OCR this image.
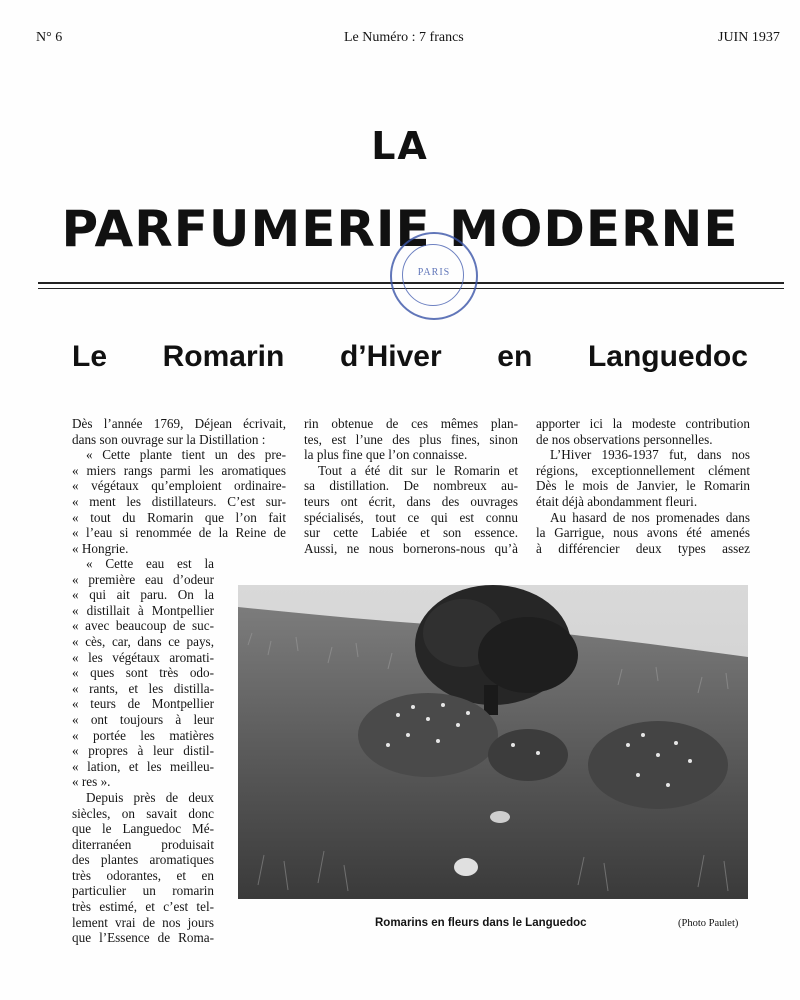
N° 6	Le Numéro : 7 francs	JUIN 1937
LA
PARFUMERIE MODERNE
PARIS
Le Romarin d’Hiver en Languedoc
Dès l’année 1769, Déjean écrivait,
dans son ouvrage sur la Distillation :
« Cette plante tient un des pre-
« miers rangs parmi les aromatiques
« végétaux qu’emploient ordinaire-
« ment les distillateurs. C’est sur-
« tout du Romarin que l’on fait
« l’eau si renommée de la Reine de
« Hongrie.
« Cette eau est la
« première eau d’odeur
« qui ait paru. On la
« distillait à Montpellier
« avec beaucoup de suc-
« cès, car, dans ce pays,
« les végétaux aromati-
« ques sont très odo-
« rants, et les distilla-
« teurs de Montpellier
« ont toujours à leur
« portée les matières
« propres à leur distil-
« lation, et les meilleu-
« res ».
Depuis près de deux
siècles, on savait donc
que le Languedoc Mé-
diterranéen produisait
des plantes aromatiques
très odorantes, et en
particulier un romarin
très estimé, et c’est tel-
lement vrai de nos jours
que l’Essence de Roma-
rin obtenue de ces mêmes plan-
tes, est l’une des plus fines, sinon
la plus fine que l’on connaisse.
Tout a été dit sur le Romarin et
sa distillation. De nombreux au-
teurs ont écrit, dans des ouvrages
spécialisés, tout ce qui est connu
sur cette Labiée et son essence.
Aussi, ne nous bornerons-nous qu’à
apporter ici la modeste contribution
de nos observations personnelles.
L’Hiver 1936-1937 fut, dans nos
régions, exceptionnellement clément
Dès le mois de Janvier, le Romarin
était déjà abondamment fleuri.
Au hasard de nos promenades dans
la Garrigue, nous avons été amenés
à différencier deux types assez
Romarins en fleurs dans le Languedoc	(Photo Paulet)
